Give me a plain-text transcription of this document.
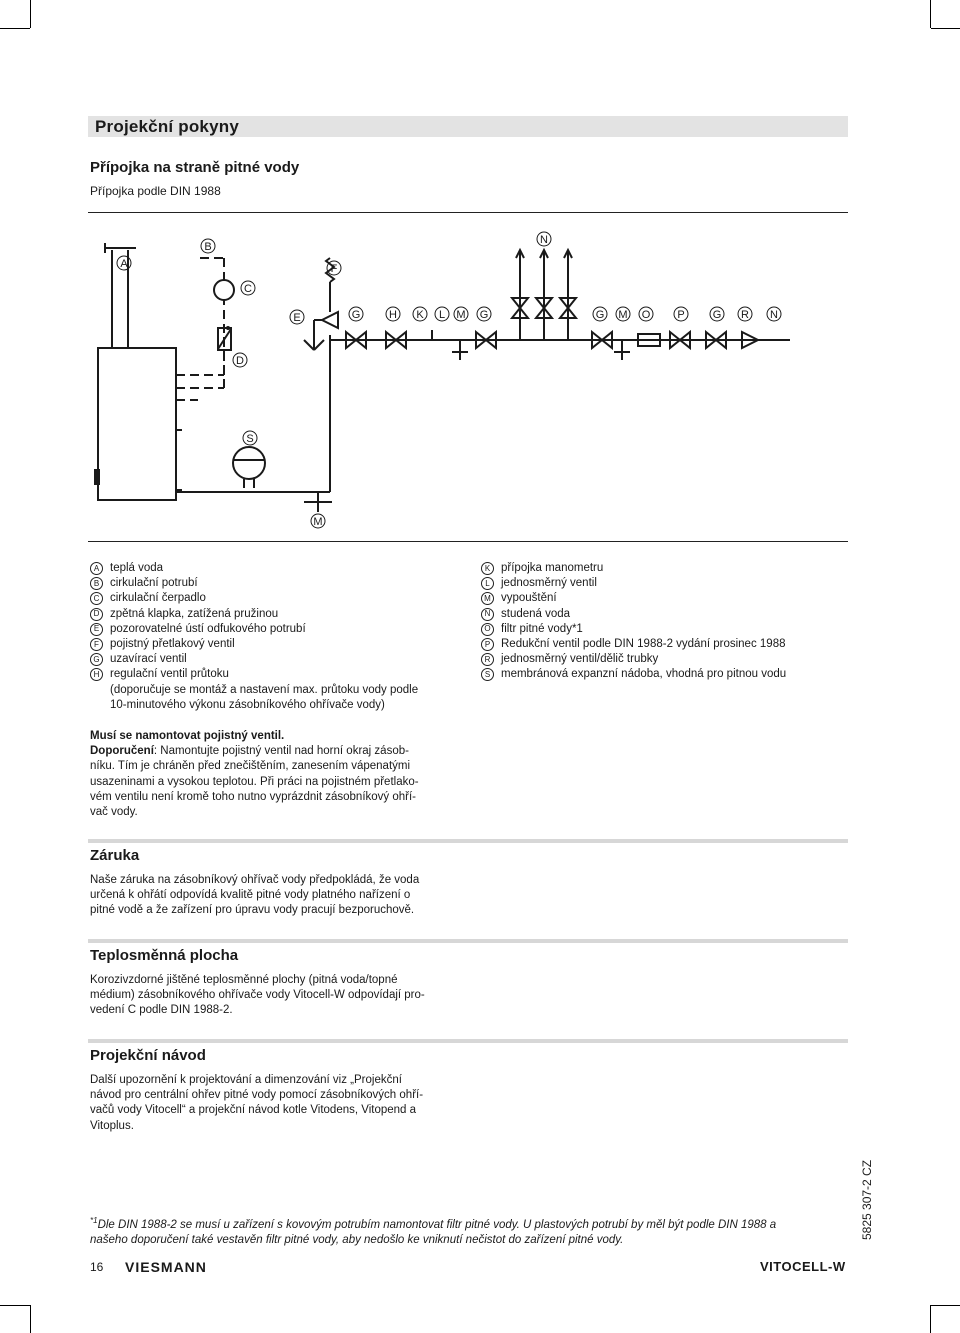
Projekční pokyny
Přípojka na straně pitné vody
Přípojka podle DIN 1988
A
B
C
D
E
F
G	H K L M G
N
G M O P	G R N
S
M
A teplá voda
B cirkulační potrubí
C cirkulační čerpadlo
D zpětná klapka, zatížená pružinou
E pozorovatelné ústí odfukového potrubí
F pojistný přetlakový ventil
G uzavírací ventil
H regulační ventil průtoku
(doporučuje se montáž a nastavení max. průtoku vody podle
10-minutového výkonu zásobníkového ohřívače vody)
K přípojka manometru
L jednosměrný ventil
M vypouštění
N studená voda
O filtr pitné vody*1
P Redukční ventil podle DIN 1988-2 vydání prosinec 1988
R jednosměrný ventil/dělič trubky
S membránová expanzní nádoba, vhodná pro pitnou vodu

Musí se namontovat pojistný ventil.

Doporučení: Namontujte pojistný ventil nad horní okraj zásob-

níku. Tím je chráněn před znečištěním, zanesením vápenatými

usazeninami a vysokou teplotou. Při práci na pojistném přetlako-

vém ventilu není kromě toho nutno vyprázdnit zásobníkový ohří-

vač vody.

Záruka

Naše záruka na zásobníkový ohřívač vody předpokládá, že voda

určená k ohřátí odpovídá kvalitě pitné vody platného nařízení o

pitné vodě a že zařízení pro úpravu vody pracují bezporuchově.

Teplosměnná plocha

Korozivzdorné jištěné teplosměnné plochy (pitná voda/topné

médium) zásobníkového ohřívače vody Vitocell-W odpovídají pro-

vedení C podle DIN 1988-2.

Projekční návod

Další upozornění k projektování a dimenzování viz „Projekční

návod pro centrální ohřev pitné vody pomocí zásobníkových ohří-

vačů vody Vitocell“ a projekční návod kotle Vitodens, Vitopend a

Vitoplus.

$^{*1}$Dle DIN 1988-2 se musí u zařízení s kovovým potrubím namontovat filtr pitné vody. U plastových potrubí by měl být podle DIN 1988 a
našeho doporučení také vestavěn filtr pitné vody, aby nedošlo ke vniknutí nečistot do zařízení pitné vody.
16 VIESMANN	VITOCELL-W
5825 307-2 CZ
